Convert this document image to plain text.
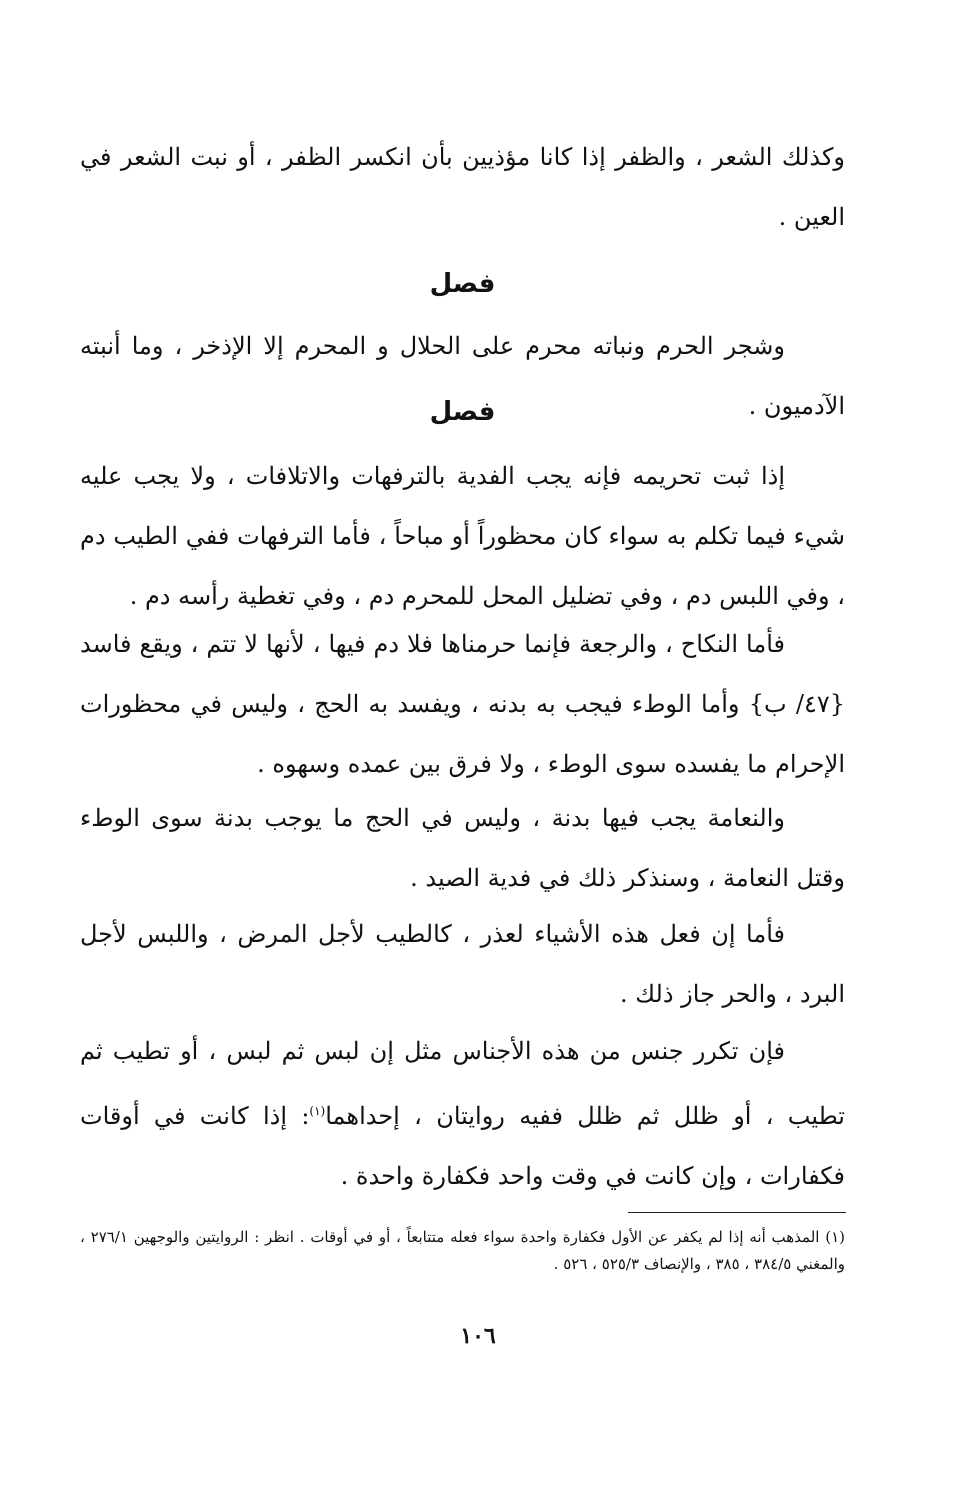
وكذلك الشعر ، والظفر إذا كانا مؤذيين بأن انكسر الظفر ، أو نبت الشعر في العين .
فصل
وشجر الحرم ونباته محرم على الحلال و المحرم إلا الإذخر ، وما أنبته الآدميون .
فصل
إذا ثبت تحريمه فإنه يجب الفدية بالترفهات والاتلافات ، ولا يجب عليه شيء فيما تكلم به سواء كان محظوراً أو مباحاً ، فأما الترفهات ففي الطيب دم ، وفي اللبس دم ، وفي تضليل المحل للمحرم دم ، وفي تغطية رأسه دم .
فأما النكاح ، والرجعة فإنما حرمناها فلا دم فيها ، لأنها لا تتم ، ويقع فاسد {٤٧/ ب} وأما الوطء فيجب به بدنه ، ويفسد به الحج ، وليس في محظورات الإحرام ما يفسده سوى الوطء ، ولا فرق بين عمده وسهوه .
والنعامة يجب فيها بدنة ، وليس في الحج ما يوجب بدنة سوى الوطء وقتل النعامة ، وسنذكر ذلك في فدية الصيد .
فأما إن فعل هذه الأشياء لعذر ، كالطيب لأجل المرض ، واللبس لأجل البرد ، والحر جاز ذلك .
فإن تكرر جنس من هذه الأجناس مثل إن لبس ثم لبس ، أو تطيب ثم تطيب ، أو ظلل ثم ظلل ففيه روايتان ، إحداهما$^{(١)}$: إذا كانت في أوقات فكفارات ، وإن كانت في وقت واحد فكفارة واحدة .
(١) المذهب أنه إذا لم يكفر عن الأول فكفارة واحدة سواء فعله متتابعاً ، أو في أوقات . انظر : الروايتين والوجهين ٢٧٦/١ ، والمغني ٣٨٤/٥ ، ٣٨٥ ، والإنصاف ٥٢٥/٣ ، ٥٢٦ .
١٠٦
